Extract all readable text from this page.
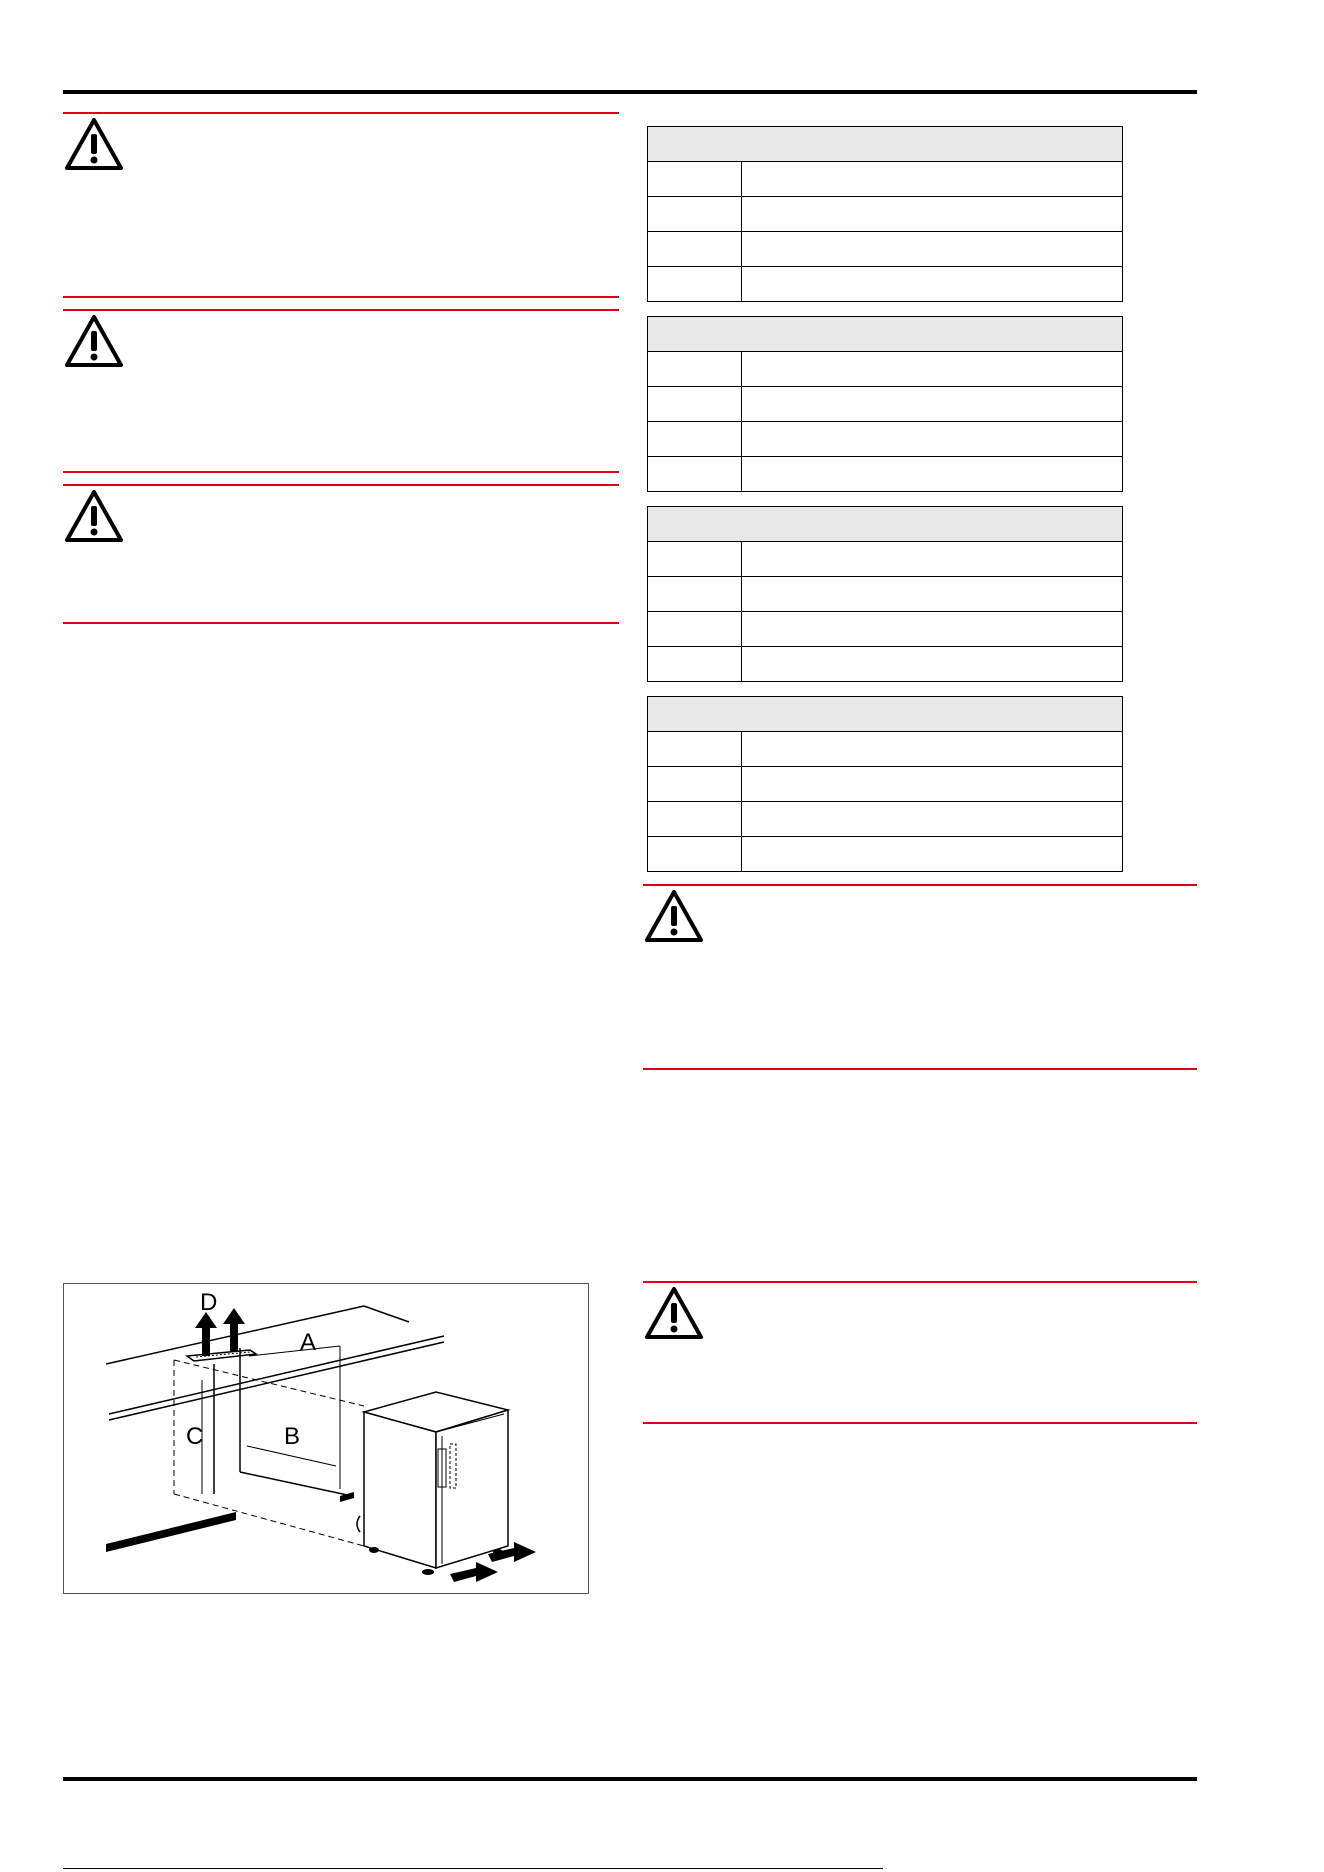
D
A
B
C
